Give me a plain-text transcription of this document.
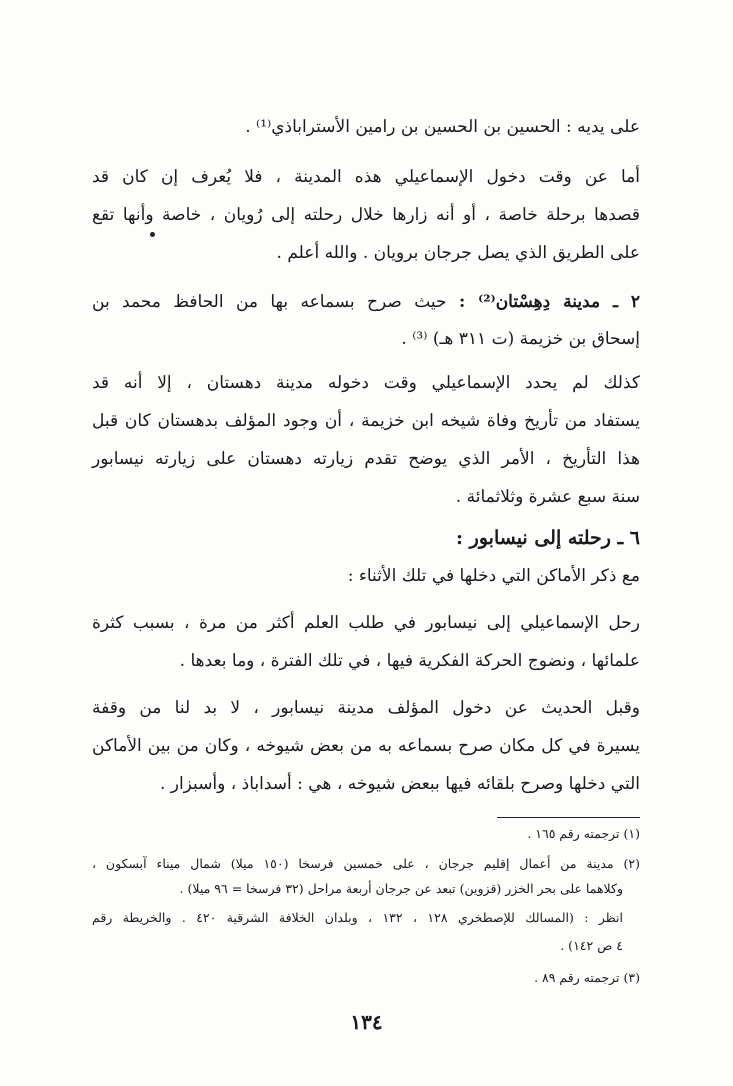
على يديه : الحسين بن الحسين بن رامين الأستراباذي⁽¹⁾ .
أما عن وقت دخول الإسماعيلي هذه المدينة ، فلا يُعرف إن كان قد
قصدها برحلة خاصة ، أو أنه زارها خلال رحلته إلى رُويان ، خاصة وأنها تقع
على الطريق الذي يصل جرجان برويان . والله أعلم .
٢ ـ مدينة دِهِسْتان⁽²⁾ : حيث صرح بسماعه بها من الحافظ محمد بن
إسحاق بن خزيمة (ت ٣١١ هـ) ⁽³⁾ .
كذلك لم يحدد الإسماعيلي وقت دخوله مدينة دهستان ، إلا أنه قد
يستفاد من تأريخ وفاة شيخه ابن خزيمة ، أن وجود المؤلف بدهستان كان قبل
هذا التأريخ ، الأمر الذي يوضح تقدم زيارته دهستان على زيارته نيسابور
سنة سبع عشرة وثلاثمائة .
٦ ـ رحلته إلى نيسابور :
مع ذكر الأماكن التي دخلها في تلك الأثناء :
رحل الإسماعيلي إلى نيسابور في طلب العلم أكثر من مرة ، بسبب كثرة
علمائها ، ونضوج الحركة الفكرية فيها ، في تلك الفترة ، وما بعدها .
وقبل الحديث عن دخول المؤلف مدينة نيسابور ، لا بد لنا من وقفة
يسيرة في كل مكان صرح بسماعه به من بعض شيوخه ، وكان من بين الأماكن
التي دخلها وصرح بلقائه فيها ببعض شيوخه ، هي : أسداباذ ، وأسبزار .
(١) ترجمته رقم ١٦٥ .
(٢) مدينة من أعمال إقليم جرجان ، على خمسين فرسخا (١٥٠ ميلا) شمال ميناء آبسكون ،
وكلاهما على بحر الخزر (قزوين) تبعد عن جرجان أربعة مراحل (٣٢ فرسخا = ٩٦ ميلا) .
انظر : (المسالك للإصطخري ١٢٨ ، ١٣٢ ، وبلدان الخلافة الشرقية ٤٢٠ . والخريطة رقم
٤ ص ١٤٢) .
(٣) ترجمته رقم ٨٩ .
١٣٤
